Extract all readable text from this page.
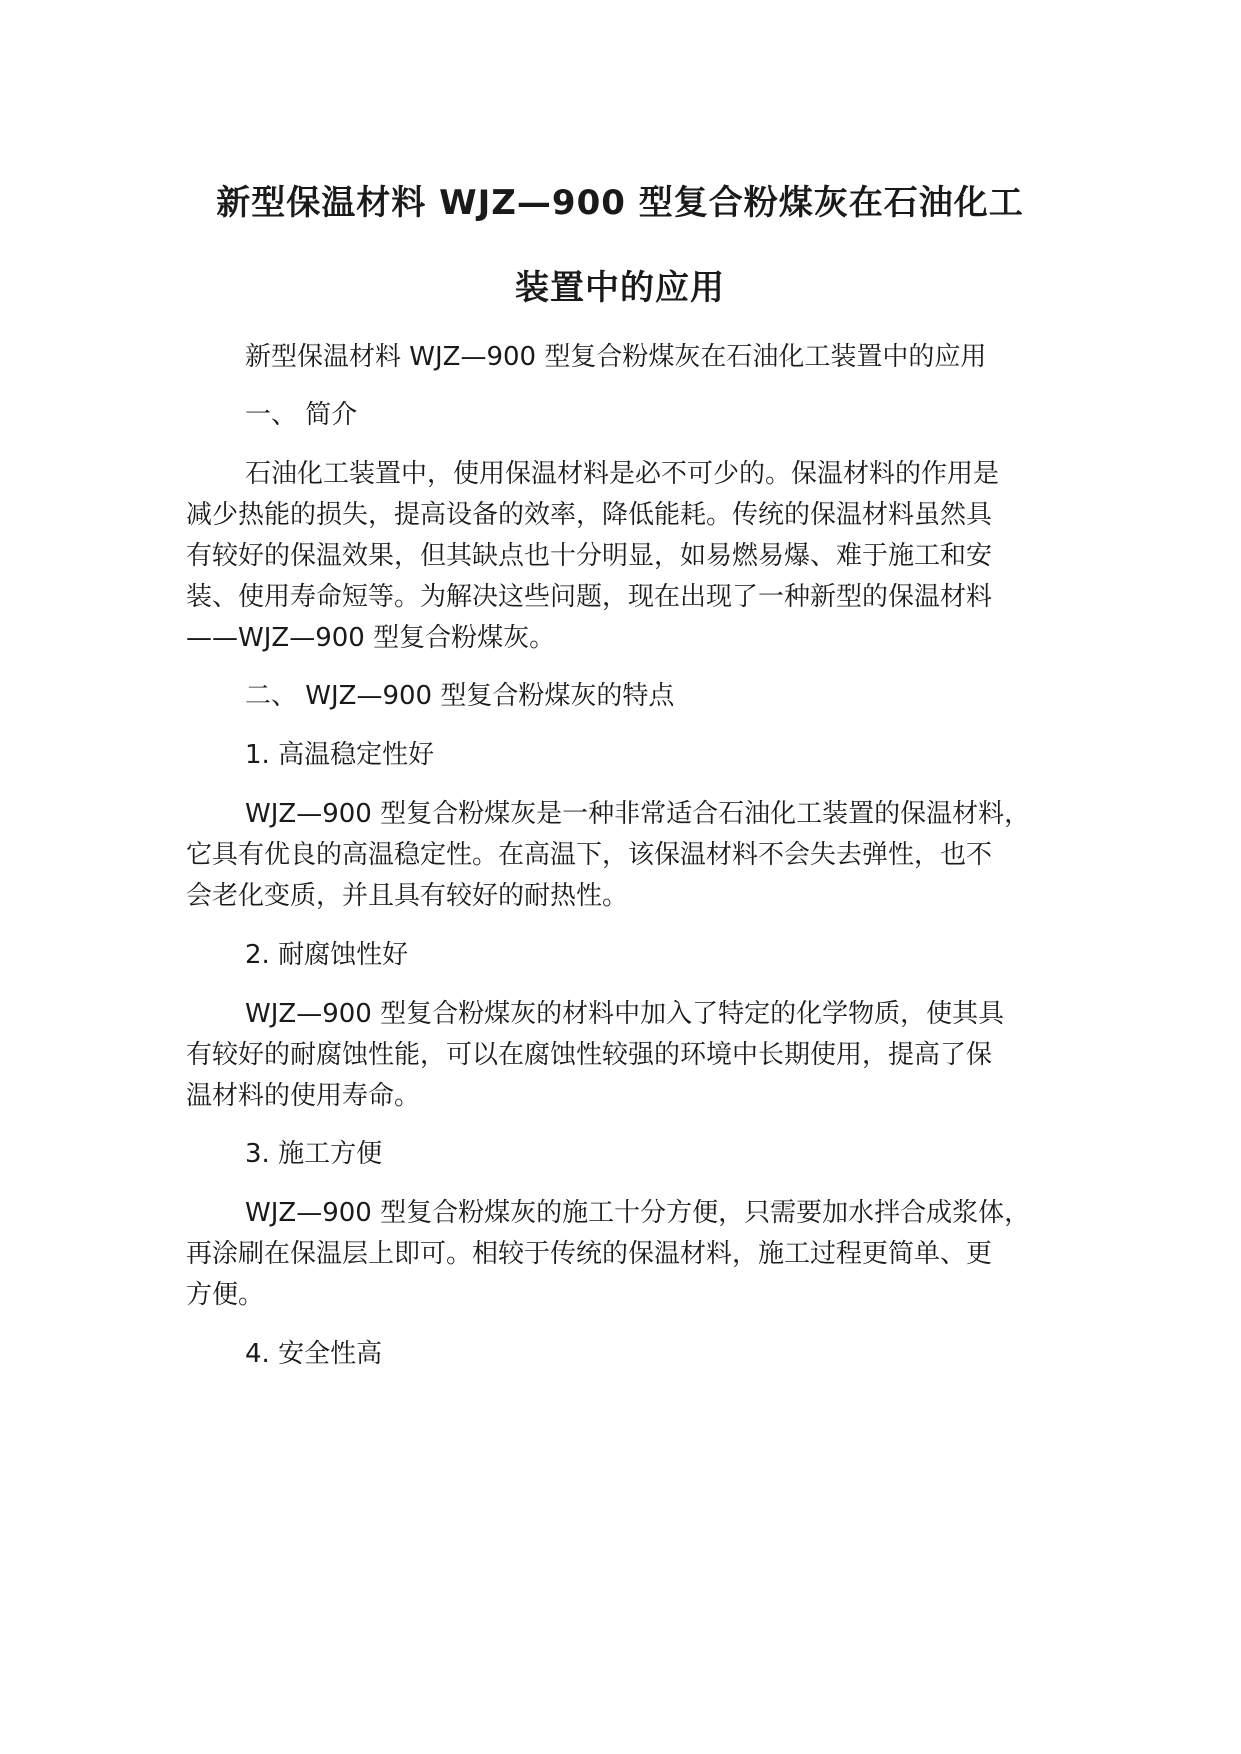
新型保温材料 WJZ—900 型复合粉煤灰在石油化工
装置中的应用

新型保温材料 WJZ—900 型复合粉煤灰在石油化工装置中的应用

一、 简介

石油化工装置中，使用保温材料是必不可少的。保温材料的作用是

减少热能的损失，提高设备的效率，降低能耗。传统的保温材料虽然具

有较好的保温效果，但其缺点也十分明显，如易燃易爆、难于施工和安

装、使用寿命短等。为解决这些问题，现在出现了一种新型的保温材料

——WJZ—900 型复合粉煤灰。

二、 WJZ—900 型复合粉煤灰的特点

1. 高温稳定性好

WJZ—900 型复合粉煤灰是一种非常适合石油化工装置的保温材料，

它具有优良的高温稳定性。在高温下，该保温材料不会失去弹性，也不

会老化变质，并且具有较好的耐热性。

2. 耐腐蚀性好

WJZ—900 型复合粉煤灰的材料中加入了特定的化学物质，使其具

有较好的耐腐蚀性能，可以在腐蚀性较强的环境中长期使用，提高了保

温材料的使用寿命。

3. 施工方便

WJZ—900 型复合粉煤灰的施工十分方便，只需要加水拌合成浆体，

再涂刷在保温层上即可。相较于传统的保温材料，施工过程更简单、更

方便。

4. 安全性高
